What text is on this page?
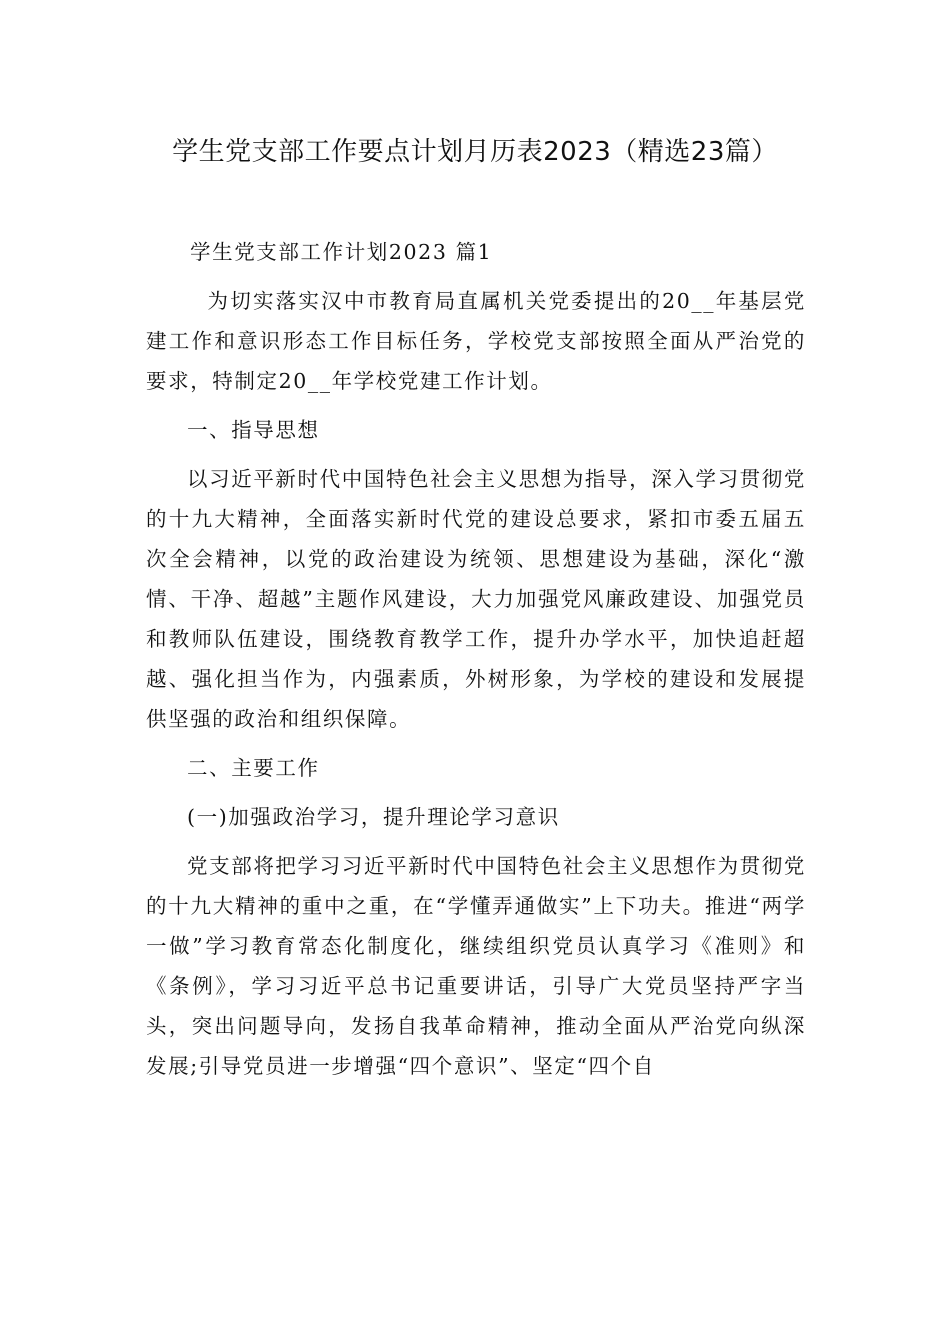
学生党支部工作要点计划月历表2023（精选23篇）

学生党支部工作计划2023 篇1

为切实落实汉中市教育局直属机关党委提出的20__年基层党建工作和意识形态工作目标任务，学校党支部按照全面从严治党的要求，特制定20__年学校党建工作计划。

一、指导思想

以习近平新时代中国特色社会主义思想为指导，深入学习贯彻党的十九大精神，全面落实新时代党的建设总要求，紧扣市委五届五次全会精神，以党的政治建设为统领、思想建设为基础，深化“激情、干净、超越”主题作风建设，大力加强党风廉政建设、加强党员和教师队伍建设，围绕教育教学工作，提升办学水平，加快追赶超越、强化担当作为，内强素质，外树形象，为学校的建设和发展提供坚强的政治和组织保障。

二、主要工作

(一)加强政治学习，提升理论学习意识

党支部将把学习习近平新时代中国特色社会主义思想作为贯彻党的十九大精神的重中之重，在“学懂弄通做实”上下功夫。推进“两学一做”学习教育常态化制度化，继续组织党员认真学习《准则》和《条例》，学习习近平总书记重要讲话，引导广大党员坚持严字当头，突出问题导向，发扬自我革命精神，推动全面从严治党向纵深发展;引导党员进一步增强“四个意识”、坚定“四个自
